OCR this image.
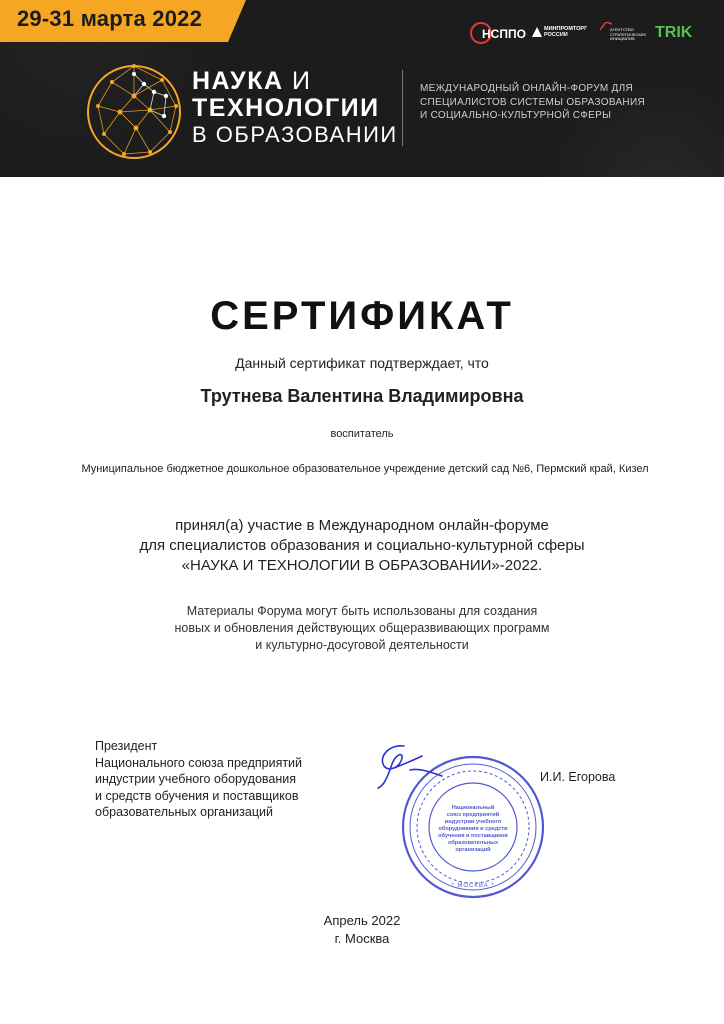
29-31 марта 2022
НСППО	МИНПРОМТОРГ
РОССИИ
АГЕНТСТВО
СТРАТЕГИЧЕСКИХ
ИНИЦИАТИВ	TRIK
НАУКА И
ТЕХНОЛОГИИ
В ОБРАЗОВАНИИ
МЕЖДУНАРОДНЫЙ ОНЛАЙН-ФОРУМ ДЛЯ СПЕЦИАЛИСТОВ СИСТЕМЫ ОБРАЗОВАНИЯ И СОЦИАЛЬНО-КУЛЬТУРНОЙ СФЕРЫ
СЕРТИФИКАТ
Данный сертификат подтверждает, что
Трутнева Валентина Владимировна
воспитатель
Муниципальное бюджетное дошкольное образовательное учреждение детский сад №6, Пермский край, Кизел
принял(а) участие в Международном онлайн-форуме
для специалистов образования и социально-культурной сферы
«НАУКА И ТЕХНОЛОГИИ В ОБРАЗОВАНИИ»-2022.
Материалы Форума могут быть использованы для создания
новых и обновления действующих общеразвивающих программ
и культурно-досуговой деятельности
Президент
Национального союза предприятий
индустрии учебного оборудования
и средств обучения и поставщиков
образовательных организаций	Национальный
союз предприятий
индустрии учебного
оборудования и средств
обучения и поставщиков
образовательных
организаций
* МОСКВА *
И.И. Егорова
Апрель 2022
г. Москва
